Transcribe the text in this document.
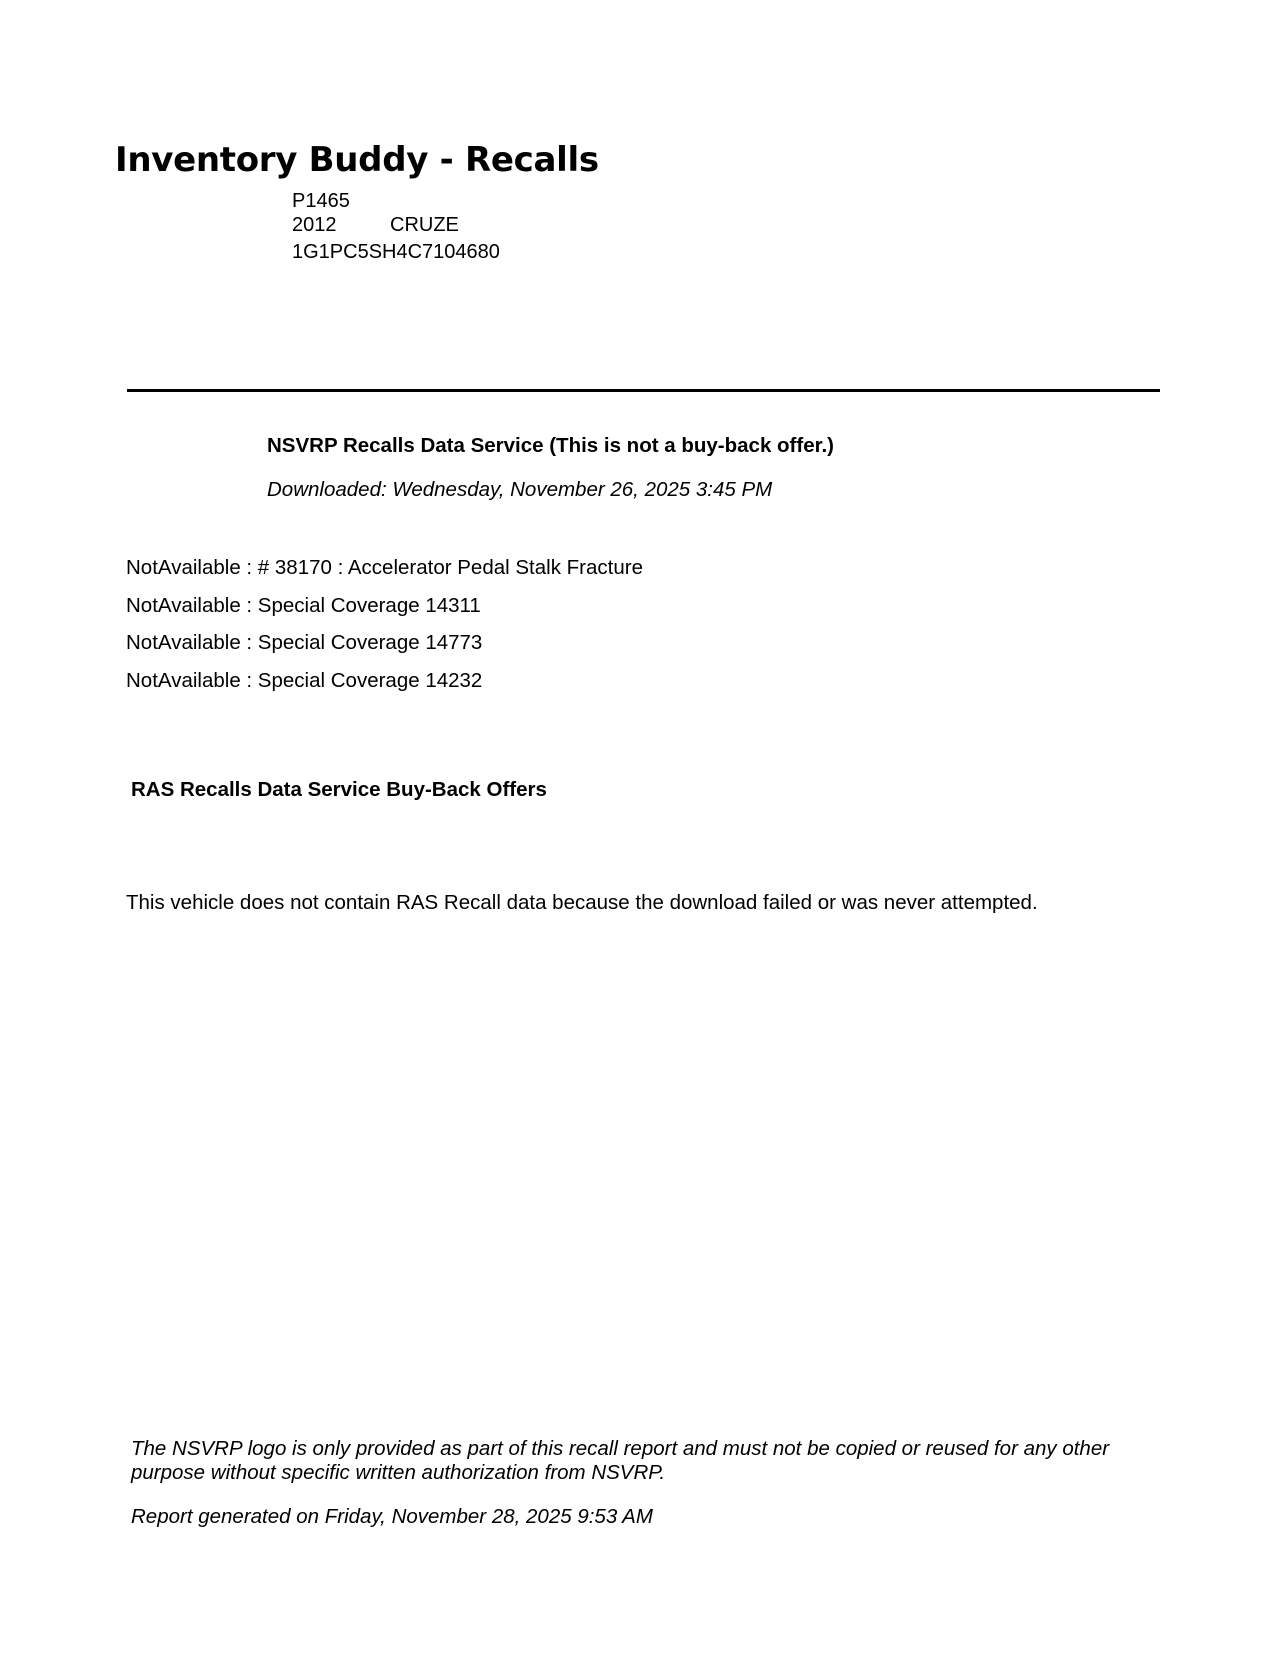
Inventory Buddy - Recalls
P1465
2012	CRUZE
1G1PC5SH4C7104680
NSVRP Recalls Data Service (This is not a buy-back offer.)
Downloaded: Wednesday, November 26, 2025 3:45 PM
NotAvailable : # 38170 : Accelerator Pedal Stalk Fracture
NotAvailable : Special Coverage 14311
NotAvailable : Special Coverage 14773
NotAvailable : Special Coverage 14232
RAS Recalls Data Service Buy-Back Offers
This vehicle does not contain RAS Recall data because the download failed or was never attempted.

The NSVRP logo is only provided as part of this recall report and must not be copied or reused for any other purpose without specific written authorization from NSVRP.

Report generated on Friday, November 28, 2025 9:53 AM
